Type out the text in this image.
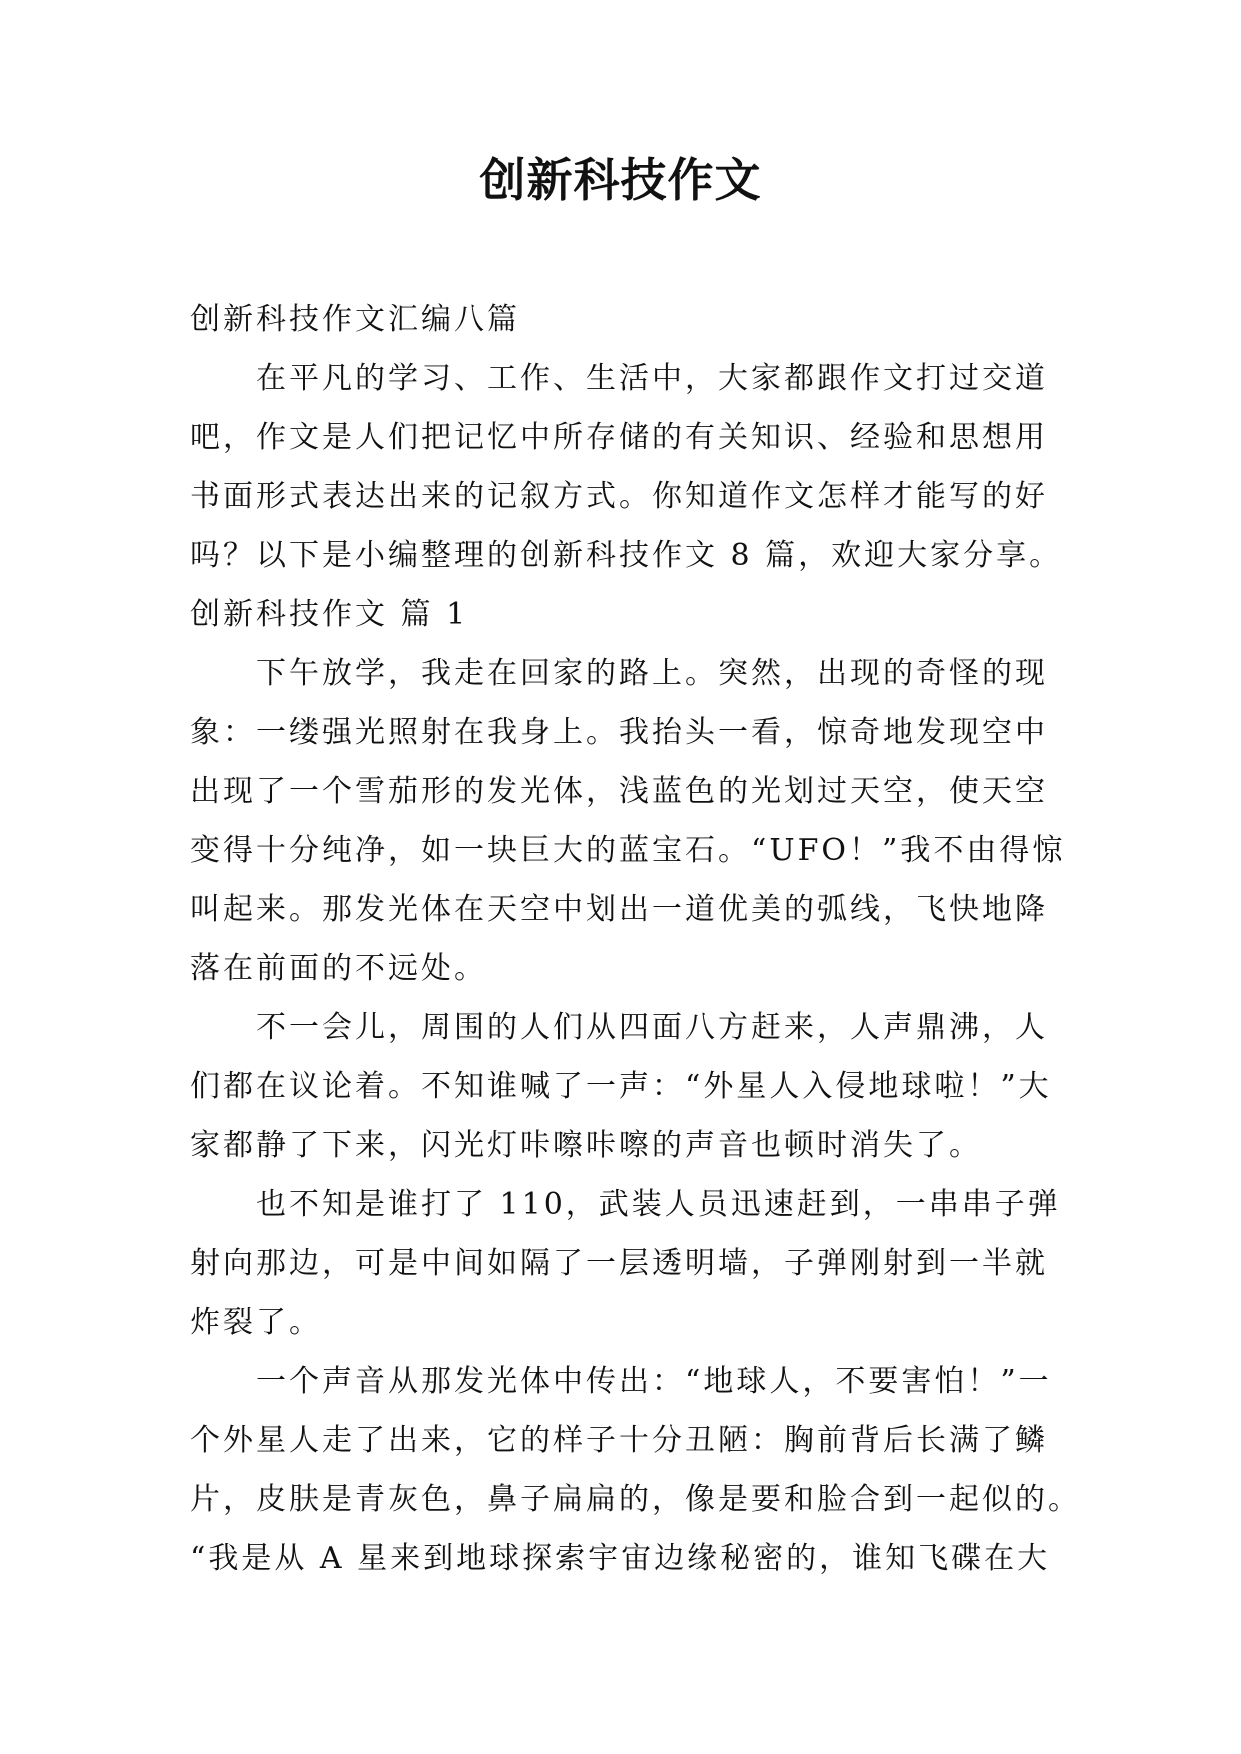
创新科技作文
创新科技作文汇编八篇
在平凡的学习、工作、生活中，大家都跟作文打过交道
吧，作文是人们把记忆中所存储的有关知识、经验和思想用
书面形式表达出来的记叙方式。你知道作文怎样才能写的好
吗？以下是小编整理的创新科技作文 8 篇，欢迎大家分享。
创新科技作文 篇 1
下午放学，我走在回家的路上。突然，出现的奇怪的现
象：一缕强光照射在我身上。我抬头一看，惊奇地发现空中
出现了一个雪茄形的发光体，浅蓝色的光划过天空，使天空
变得十分纯净，如一块巨大的蓝宝石。“UFO！”我不由得惊
叫起来。那发光体在天空中划出一道优美的弧线，飞快地降
落在前面的不远处。
不一会儿，周围的人们从四面八方赶来，人声鼎沸，人
们都在议论着。不知谁喊了一声：“外星人入侵地球啦！”大
家都静了下来，闪光灯咔嚓咔嚓的声音也顿时消失了。
也不知是谁打了 110，武装人员迅速赶到，一串串子弹
射向那边，可是中间如隔了一层透明墙，子弹刚射到一半就
炸裂了。
一个声音从那发光体中传出：“地球人，不要害怕！”一
个外星人走了出来，它的样子十分丑陋：胸前背后长满了鳞
片，皮肤是青灰色，鼻子扁扁的，像是要和脸合到一起似的。
“我是从 A 星来到地球探索宇宙边缘秘密的，谁知飞碟在大
